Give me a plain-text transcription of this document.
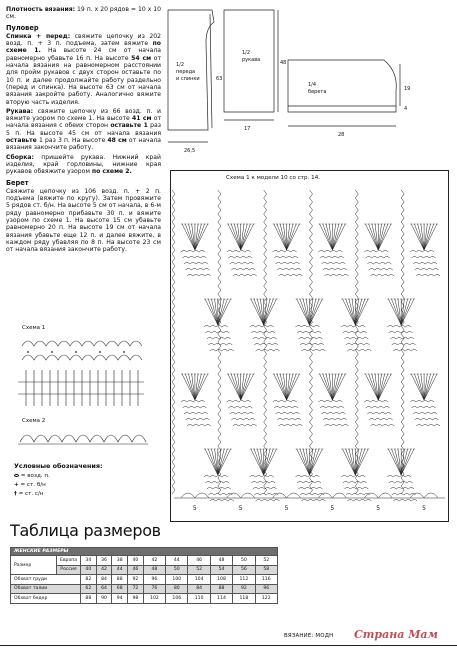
Плотность вязания: 19 п. х 20 рядов = 10 х 10 см.

Пуловер

Спинка + перед: свяжите цепочку из 202 возд. п. + 3 п. подъема, затем вяжите по схеме 1. На высоте 24 см от начала равномерно убавьте 16 п. На высоте 54 см от начала вязания на равномерном расстоянии для пройм рукавов с двух сторон оставьте по 10 п. и далее продолжайте работу раздельно (перед и спинка). На высоте 63 см от начала вязания закройте работу. Аналогично вяжите вторую часть изделия.

Рукава: свяжите цепочку из 66 возд. п. и вяжите узором по схеме 1. На высоте 41 см от начала вязания с обеих сторон оставьте 1 раз 5 п. На высоте 45 см от начала вязания оставьте 1 раз 3 п. На высоте 48 см от начала вязания закончите работу.

Сборка: пришейте рукава. Нижний край изделия, край горловины, нижние края рукавов обвяжите узором по схеме 2.

Берет

Свяжите цепочку из 106 возд. п. + 2 п. подъема (вяжите по кругу). Затем провяжите 5 рядов ст. б/н. На высоте 5 см от начала, в 6-м ряду равномерно прибавьте 30 п. и вяжите узором по схеме 1. На высоте 15 см убавьте равномерно 20 п. На высоте 19 см от начала вязания убавьте еще 12 п. и далее вяжите, в каждом ряду убавляя по 8 п. На высоте 23 см от начала вязания закончите работу.

Схема 1
Схема 2
Условные обозначения:
= возд. п.
+ = ст. б/н
† = ст. с/н
1/2
переда
и спинки	63
26,5
1/2
рукава	48
17
1/4
берета	19
4
28
Схема 1 к модели 10 со стр. 14.
5	5	5	5	5	5
Таблица размеров
ЖЕНСКИЕ РАЗМЕРЫ											
Размер	Европа	34	36	38	40	42	44	46	48	50	52
	Россия	40	42	44	46	48	50	52	54	56	58
Обхват груди		82	84	88	92	96	100	104	108	112	116
Обхват талии		62	64	68	72	76	80	84	88	92	96
Обхват бедер		88	90	94	98	102	106	110	114	118	122
ВЯЗАНИЕ: МОДН Страна Мам
